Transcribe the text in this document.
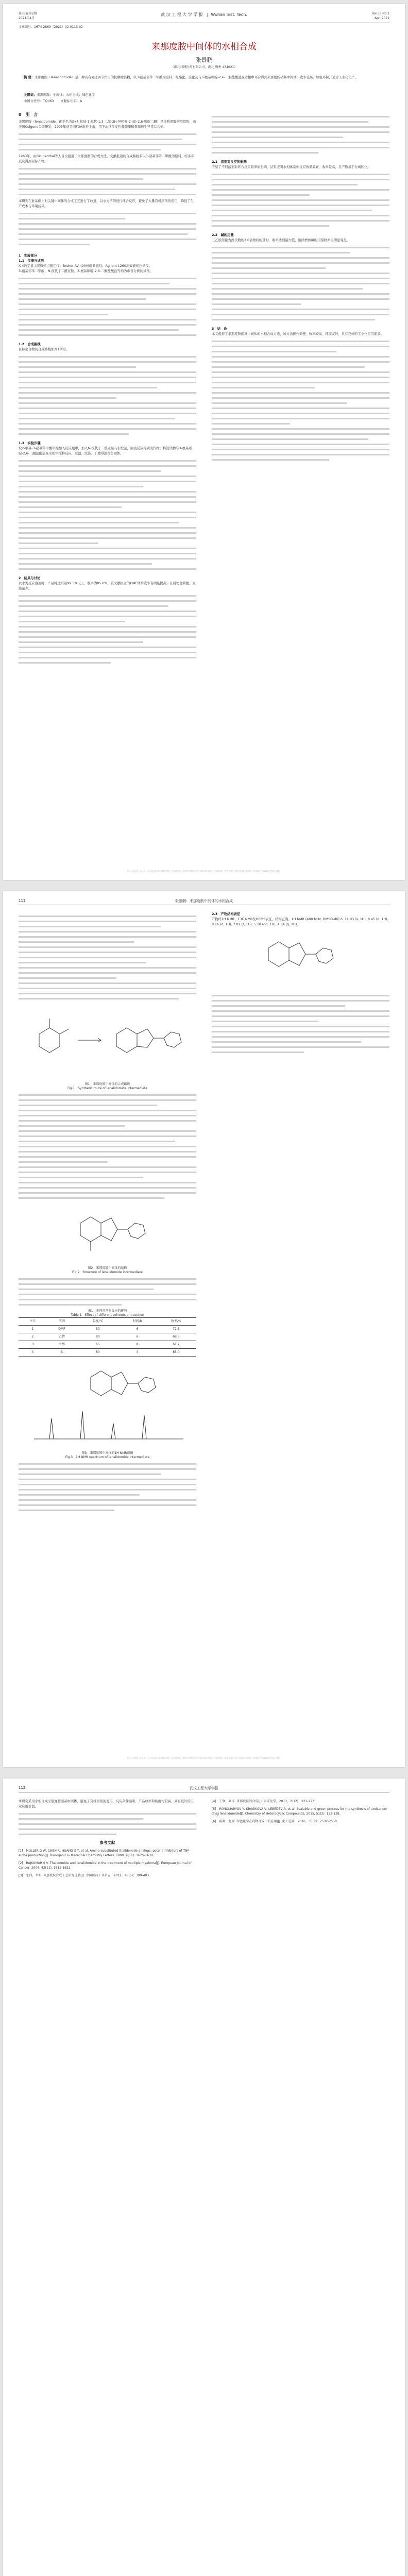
第33卷第2期
2021年4月
武 汉 工 程 大 学 学 报　 J. Wuhan Inst. Tech.	Vol.33 No.2
Apr. 2021
文章编号：1674-2869（2021）02-0113-02
来那度胺中间体的水相合成
张景鹏
（湖北日博医药有限公司，湖北 荆州 434021）
摘 要：来那度胺（lenalidomide）是一种具有免疫调节作用的抗肿瘤药物，以3-硝基邻苯二甲酸为原料，经酯化、溴化及与3-氨基哌啶-2,6-二酮盐酸盐在水相中环合得到来那度胺硝基中间体，收率较高，绿色环保，适合工业化生产。
关键词：来那度胺；中间体；水相合成；绿色化学
中图分类号：TQ463　　文献标识码：A
0　引　言
来那度胺（lenalidomide，化学名为3-(4-氨基-1-氧代-1,3-二氢-2H-异吲哚-2-基)-2,6-哌啶二酮）是沙利度胺的类似物，由美国Celgene公司研发，2005年获美国FDA批准上市，用于治疗多发性骨髓瘤和骨髓增生异常综合征。
1963年，由Grunenthal等人首次报道了来那度胺的合成方法，文献报道的合成路线多以3-硝基邻苯二甲酸为原料，经多步反应得到目标产物。
本研究在此基础上对关键中间体的合成工艺进行了改进，以水为溶剂进行环合反应，避免了大量有机溶剂的使用，降低了生产成本与环境污染。
1　实验部分
1.1　仪器与试剂
X-4数字显示显微熔点测定仪；Bruker AV-400核磁共振仪；Agilent 1260高效液相色谱仪。
3-硝基邻苯二甲酸、N-溴代丁二酰亚胺、3-氨基哌啶-2,6-二酮盐酸盐等均为市售分析纯试剂。
1.2　合成路线
目标化合物的合成路线如图1所示。
1.3　实验步骤
取2-甲基-3-硝基苯甲酸甲酯加入反应瓶中，加入N-溴代丁二酰亚胺与引发剂，回流反应得到溴代物；将溴代物与3-氨基哌啶-2,6-二酮盐酸盐在水相中搅拌反应，过滤、洗涤、干燥得淡黄色固体。
2　结果与讨论
以水为反应溶剂时，产品纯度可达99.5%以上，收率为85.0%，较文献报道的DMF体系收率有明显提高，且后处理简便，废液量少。
2.1　溶剂对反应的影响
考察了不同溶剂对环合反应收率的影响，结果表明水相体系中反应效果最好，收率最高，且产物易于分离纯化。
2.2　碱的用量
三乙胺用量为溴代物的2.0倍物质的量时，收率达到最大值，继续增加碱的用量收率无明显变化。
3　结　论
本文报道了来那度胺硝基中间体的水相合成方法，该方法操作简便、收率较高、环境友好，具有良好的工业化应用前景。
(C)1994-2021 China Academic Journal Electronic Publishing House. All rights reserved. http://www.cnki.net
111	张景鹏：来那度胺中间体的水相合成
图1　来那度胺中间体的合成路线
Fig.1　Synthetic route of lenalidomide intermediate
图2　来那度胺中间体的结构
Fig.2　Structure of lenalidomide intermediate
表1　不同溶剂对反应的影响
Table 1　Effect of different solvents on reaction
序号	溶剂	温度/℃	时间/h	收率/%
1	DMF	80	6	72.3
2	乙腈	80	6	68.5
3	甲醇	65	8	61.2
4	水	80	4	85.0
图3　来那度胺中间体的1H NMR谱图
Fig.3　1H NMR spectrum of lenalidomide intermediate
2.3　产物结构表征
产物经1H NMR、13C NMR及HRMS表征，结构正确。1H NMR (400 MHz, DMSO-d6) δ: 11.03 (s, 1H), 8.45 (d, 1H), 8.16 (d, 1H), 7.82 (t, 1H), 5.18 (dd, 1H), 4.84 (q, 2H)。
(C)1994-2021 China Academic Journal Electronic Publishing House. All rights reserved. http://www.cnki.net
112	武汉工程大学学报
本研究采用水相合成来那度胺硝基中间体，避免了有机溶剂的使用，反应条件温和，产品收率和纯度均较高，具有较好的工业应用价值。
参考文献
[1]　MULLER G W, CHEN R, HUANG S Y, et al. Amino-substituted thalidomide analogs: potent inhibitors of TNF-alpha production[J]. Bioorganic & Medicinal Chemistry Letters, 1999, 9(11): 1625-1630.
[2]　RAJKUMAR S V. Thalidomide and lenalidomide in the treatment of multiple myeloma[J]. European Journal of Cancer, 2006, 42(11): 1612-1622.
[3]　张伟，李明. 来那度胺合成工艺研究进展[J]. 中国医药工业杂志，2012，43(5)：399-403.
[4]　王强，刘洋. 来那度胺的合成[J]. 合成化学，2013，21(2)：221-223.
[5]　PONOMARYOV Y, KRASIKOVA V, LEBEDEV A, et al. Scalable and green process for the synthesis of anticancer drug lenalidomide[J]. Chemistry of Heterocyclic Compounds, 2015, 51(2): 133-138.
[6]　陈刚，赵丽. 绿色化学在药物合成中的应用[J]. 化工进展，2016，35(8)：2532-2538.
